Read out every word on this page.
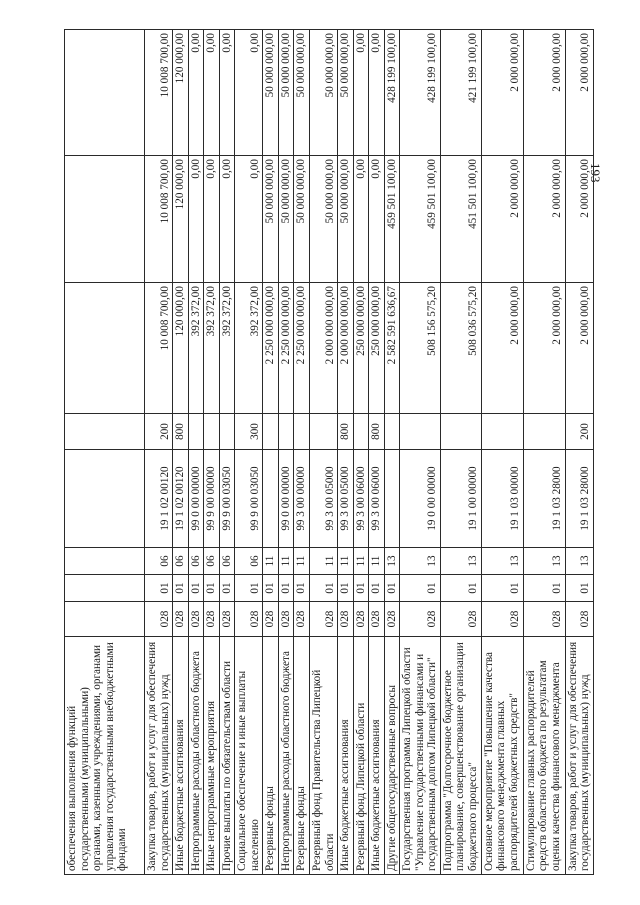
193
обеспечения выполнения функций государственными (муниципальными) органами, казенными учреждениями, органами управления государственными внебюджетными фондами								
Закупка товаров, работ и услуг для обеспечения государственных (муниципальных) нужд	028	01	06	19 1 02 00120	200	10 008 700,00	10 008 700,00	10 008 700,00
Иные бюджетные ассигнования	028	01	06	19 1 02 00120	800	120 000,00	120 000,00	120 000,00
Непрограммные расходы областного бюджета	028	01	06	99 0 00 00000		392 372,00	0,00	0,00
Иные непрограммные мероприятия	028	01	06	99 9 00 00000		392 372,00	0,00	0,00
Прочие выплаты по обязательствам области	028	01	06	99 9 00 03050		392 372,00	0,00	0,00
Социальное обеспечение и иные выплаты населению	028	01	06	99 9 00 03050	300	392 372,00	0,00	0,00
Резервные фонды	028	01	11			2 250 000 000,00	50 000 000,00	50 000 000,00
Непрограммные расходы областного бюджета	028	01	11	99 0 00 00000		2 250 000 000,00	50 000 000,00	50 000 000,00
Резервные фонды	028	01	11	99 3 00 00000		2 250 000 000,00	50 000 000,00	50 000 000,00
Резервный фонд Правительства Липецкой области	028	01	11	99 3 00 05000		2 000 000 000,00	50 000 000,00	50 000 000,00
Иные бюджетные ассигнования	028	01	11	99 3 00 05000	800	2 000 000 000,00	50 000 000,00	50 000 000,00
Резервный фонд Липецкой области	028	01	11	99 3 00 06000		250 000 000,00	0,00	0,00
Иные бюджетные ассигнования	028	01	11	99 3 00 06000	800	250 000 000,00	0,00	0,00
Другие общегосударственные вопросы	028	01	13			2 582 591 636,67	459 501 100,00	428 199 100,00
Государственная программа Липецкой области "Управление государственными финансами и государственным долгом Липецкой области"	028	01	13	19 0 00 00000		508 156 575,20	459 501 100,00	428 199 100,00
Подпрограмма "Долгосрочное бюджетное планирование, совершенствование организации бюджетного процесса"	028	01	13	19 1 00 00000		508 036 575,20	451 501 100,00	421 199 100,00
Основное мероприятие "Повышение качества финансового менеджмента главных распорядителей бюджетных средств"	028	01	13	19 1 03 00000		2 000 000,00	2 000 000,00	2 000 000,00
Стимулирование главных распорядителей средств областного бюджета по результатам оценки качества финансового менеджмента	028	01	13	19 1 03 28000		2 000 000,00	2 000 000,00	2 000 000,00
Закупка товаров, работ и услуг для обеспечения государственных (муниципальных) нужд	028	01	13	19 1 03 28000	200	2 000 000,00	2 000 000,00	2 000 000,00
